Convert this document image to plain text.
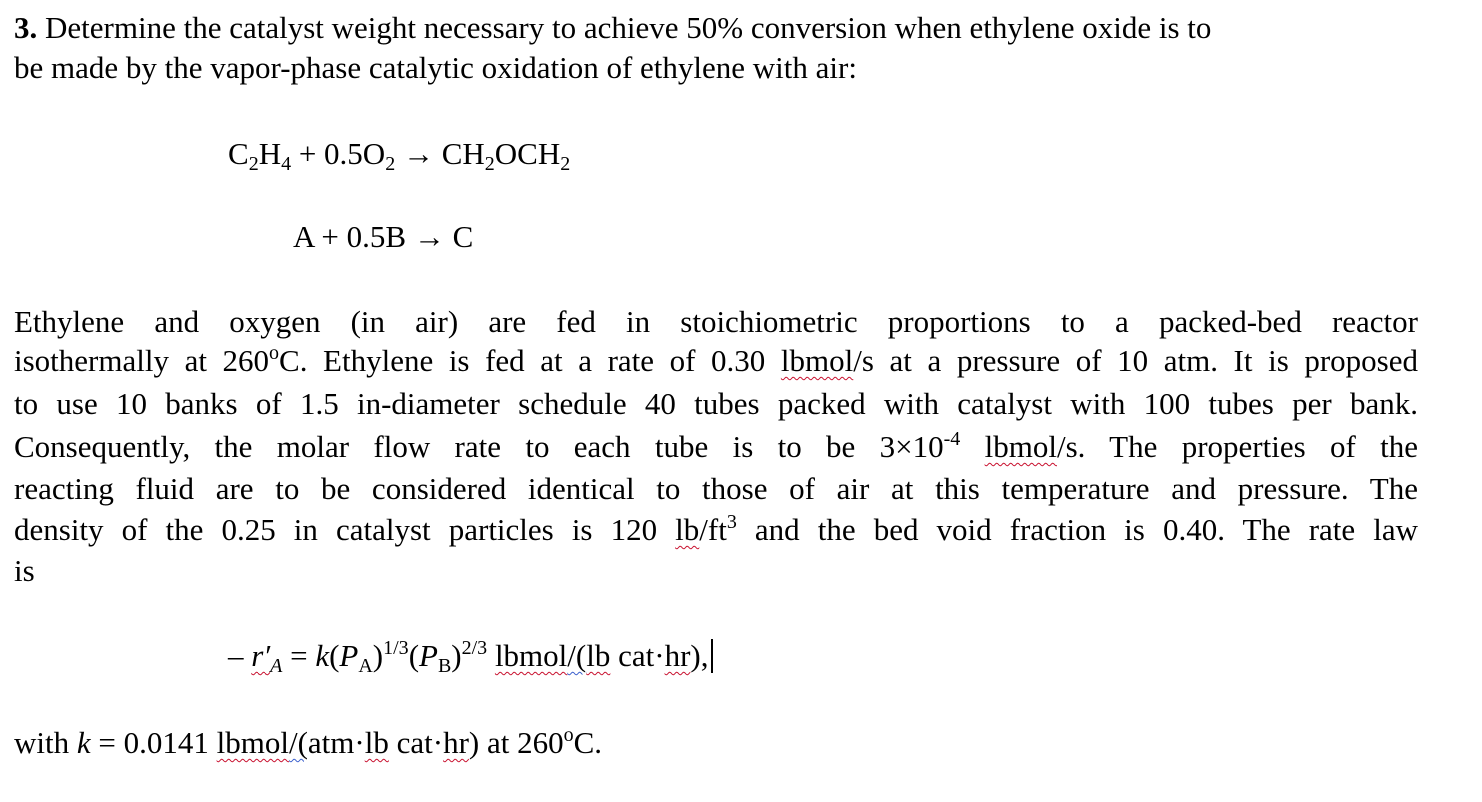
3. Determine the catalyst weight necessary to achieve 50% conversion when ethylene oxide is to
be made by the vapor-phase catalytic oxidation of ethylene with air:
$C_2H_4 + 0.5O_2 \to CH_2OCH_2$
A + 0.5B → C
Ethylene and oxygen (in air) are fed in stoichiometric proportions to a packed-bed reactor
isothermally at 260$^o$C. Ethylene is fed at a rate of 0.30 lbmol/s at a pressure of 10 atm. It is proposed
to use 10 banks of 1.5 in-diameter schedule 40 tubes packed with catalyst with 100 tubes per bank.
Consequently, the molar flow rate to each tube is to be $3\times 10^{-4}$ lbmol/s. The properties of the
reacting fluid are to be considered identical to those of air at this temperature and pressure. The
density of the 0.25 in catalyst particles is 120 $lb/ft^3$ and the bed void fraction is 0.40. The rate law
is
– $r'_A = k(P_A)^{1/3}(P_B)^{2/3}$ lbmol/(lb cat·hr),
with k = 0.0141 lbmol/(atm·lb cat·hr) at 260$^o$C.
